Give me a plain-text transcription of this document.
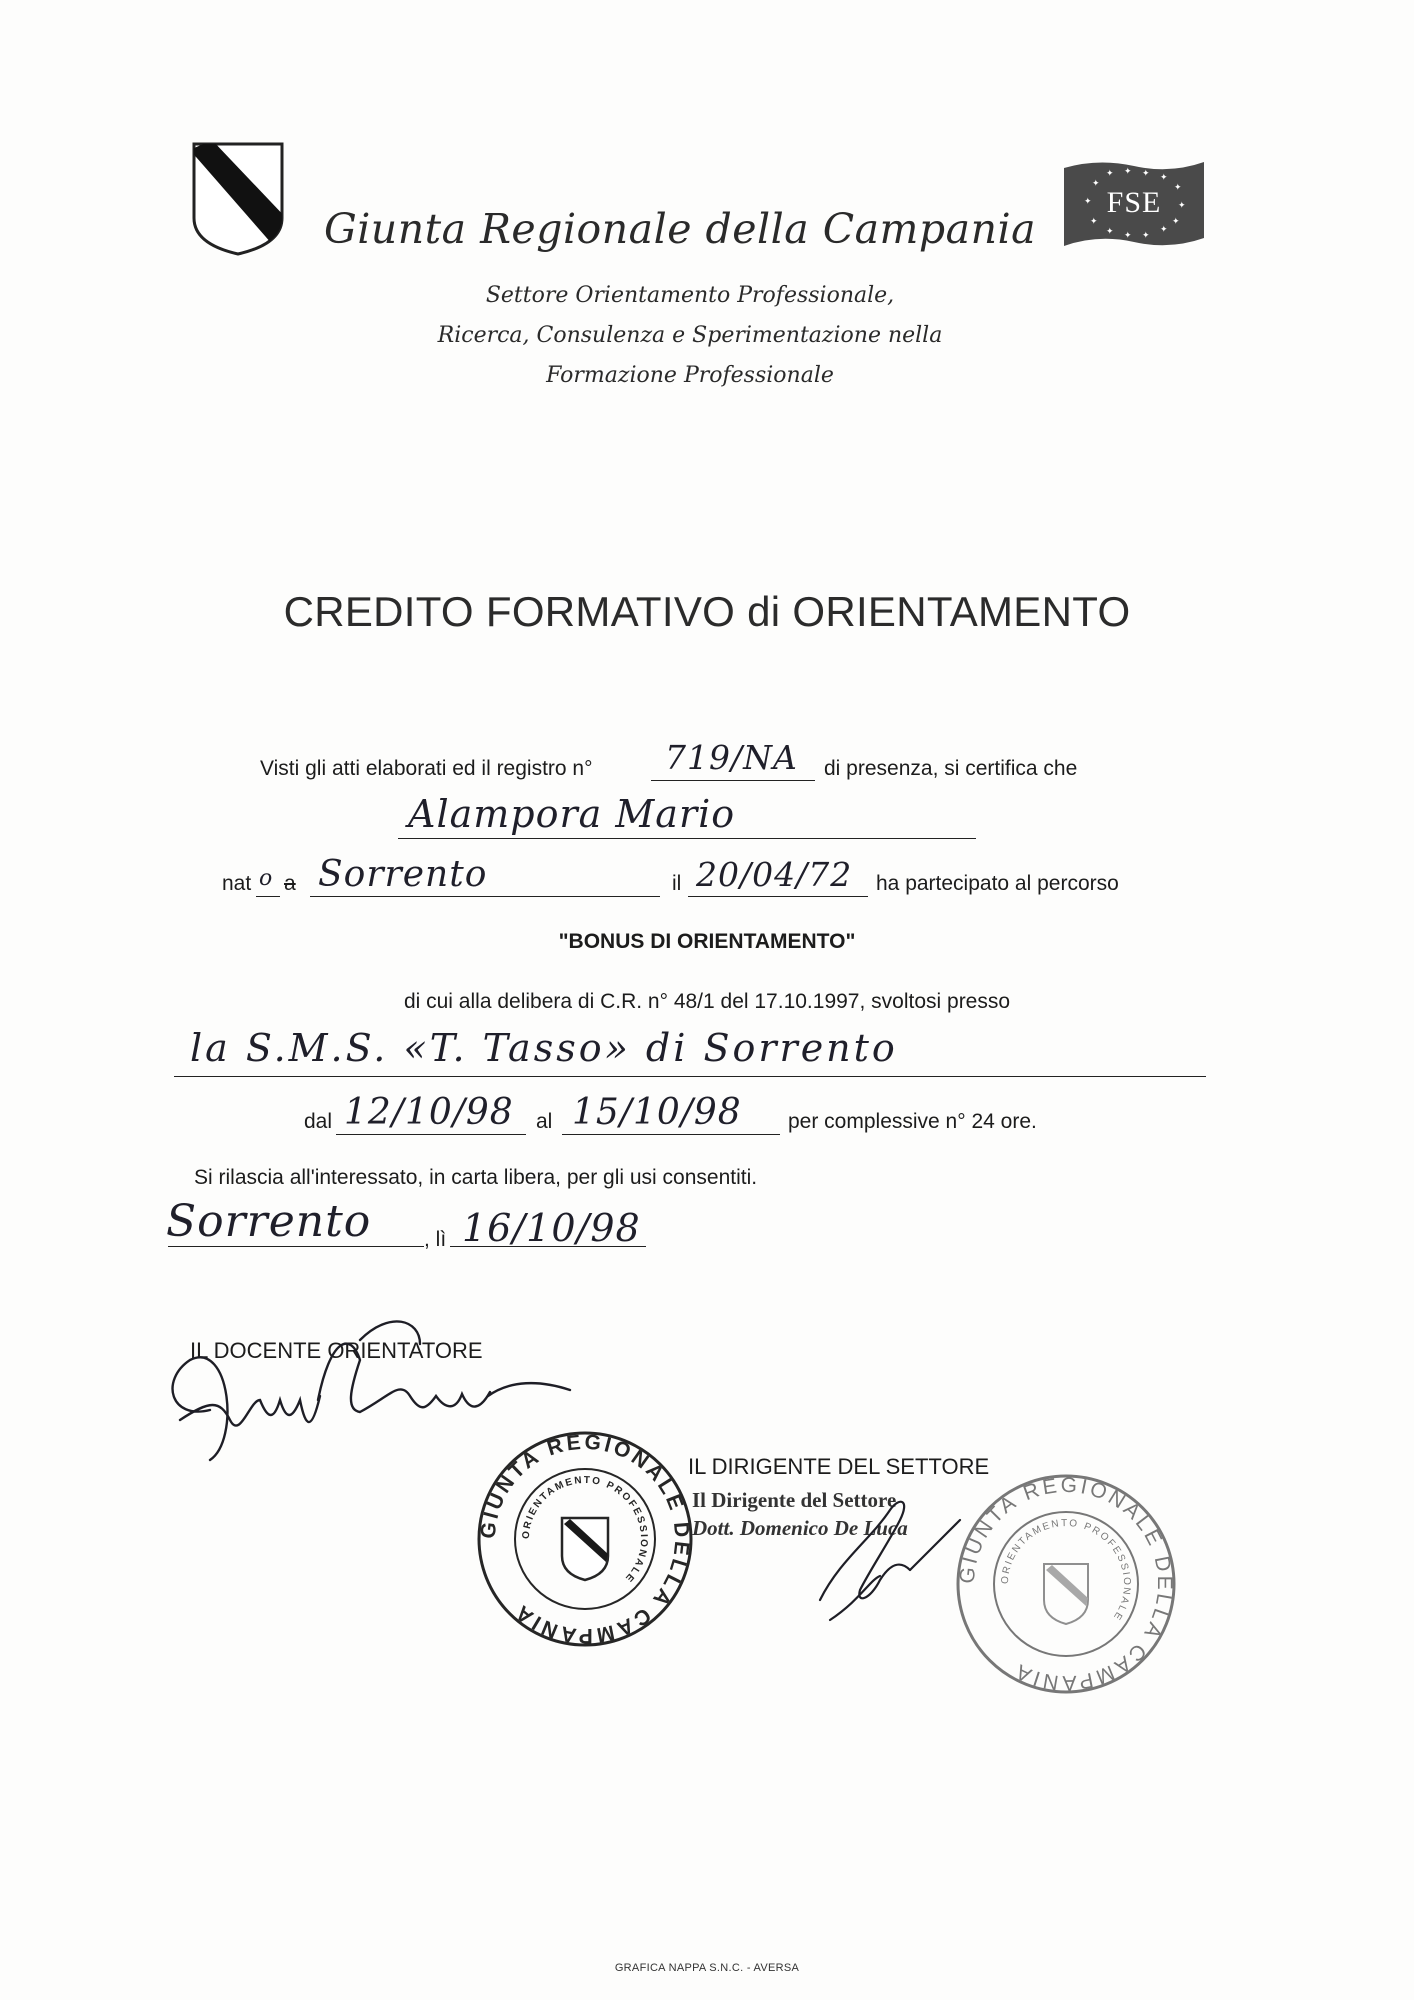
✦
✦ ✦ ✦ ✦
✦
✦	✦
✦
✦ ✦ ✦
✦
✦
FSE
Giunta Regionale della Campania
Settore Orientamento Professionale,
Ricerca, Consulenza e Sperimentazione nella
Formazione Professionale
CREDITO FORMATIVO di ORIENTAMENTO
Visti gli atti elaborati ed il registro n° 719/NA di presenza, si certifica che
Alampora Mario
nat o a Sorrento	il 20/04/72 ha partecipato al percorso
"BONUS DI ORIENTAMENTO"
di cui alla delibera di C.R. n° 48/1 del 17.10.1997, svoltosi presso
la S.M.S. «T. Tasso» di Sorrento
dal 12/10/98 al 15/10/98 per complessive n° 24 ore.
Si rilascia all'interessato, in carta libera, per gli usi consentiti.
Sorrento	, lì 16/10/98
IL DOCENTE ORIENTATORE
IL DIRIGENTE DEL SETTORE
Il Dirigente del Settore
Dott. Domenico De Luca
GIUNTA REGIONALE DELLA CAMPANIA
ORIENTAMENTO PROFESSIONALE	GIUNTA REGIONALE DELLA CAMPANIA
ORIENTAMENTO PROFESSIONALE
GRAFICA NAPPA S.N.C. - AVERSA
